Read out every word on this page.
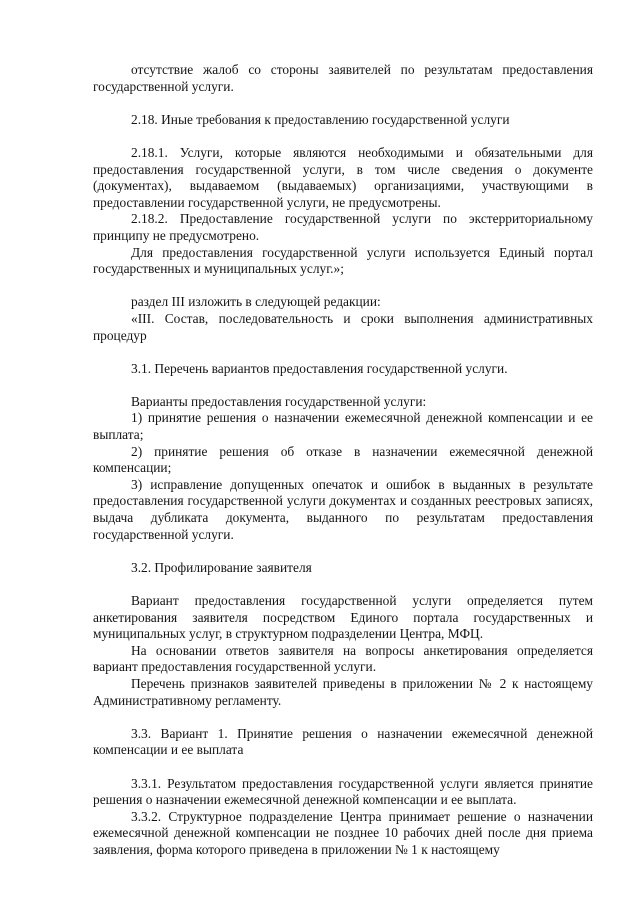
отсутствие жалоб со стороны заявителей по результатам предоставления государственной услуги.

2.18. Иные требования к предоставлению государственной услуги

2.18.1. Услуги, которые являются необходимыми и обязательными для предоставления государственной услуги, в том числе сведения о документе (документах), выдаваемом (выдаваемых) организациями, участвующими в предоставлении государственной услуги, не предусмотрены.

2.18.2. Предоставление государственной услуги по экстерриториальному принципу не предусмотрено.

Для предоставления государственной услуги используется Единый портал государственных и муниципальных услуг.»;

раздел III изложить в следующей редакции:

«III. Состав, последовательность и сроки выполнения административных процедур

3.1. Перечень вариантов предоставления государственной услуги.

Варианты предоставления государственной услуги:

1) принятие решения о назначении ежемесячной денежной компенсации и ее выплата;

2) принятие решения об отказе в назначении ежемесячной денежной компенсации;

3) исправление допущенных опечаток и ошибок в выданных в результате предоставления государственной услуги документах и созданных реестровых записях, выдача дубликата документа, выданного по результатам предоставления государственной услуги.

3.2. Профилирование заявителя

Вариант предоставления государственной услуги определяется путем анкетирования заявителя посредством Единого портала государственных и муниципальных услуг, в структурном подразделении Центра, МФЦ.

На основании ответов заявителя на вопросы анкетирования определяется вариант предоставления государственной услуги.

Перечень признаков заявителей приведены в приложении № 2 к настоящему Административному регламенту.

3.3. Вариант 1. Принятие решения о назначении ежемесячной денежной компенсации и ее выплата

3.3.1. Результатом предоставления государственной услуги является принятие решения о назначении ежемесячной денежной компенсации и ее выплата.

3.3.2. Структурное подразделение Центра принимает решение о назначении ежемесячной денежной компенсации не позднее 10 рабочих дней после дня приема заявления, форма которого приведена в приложении № 1 к настоящему
